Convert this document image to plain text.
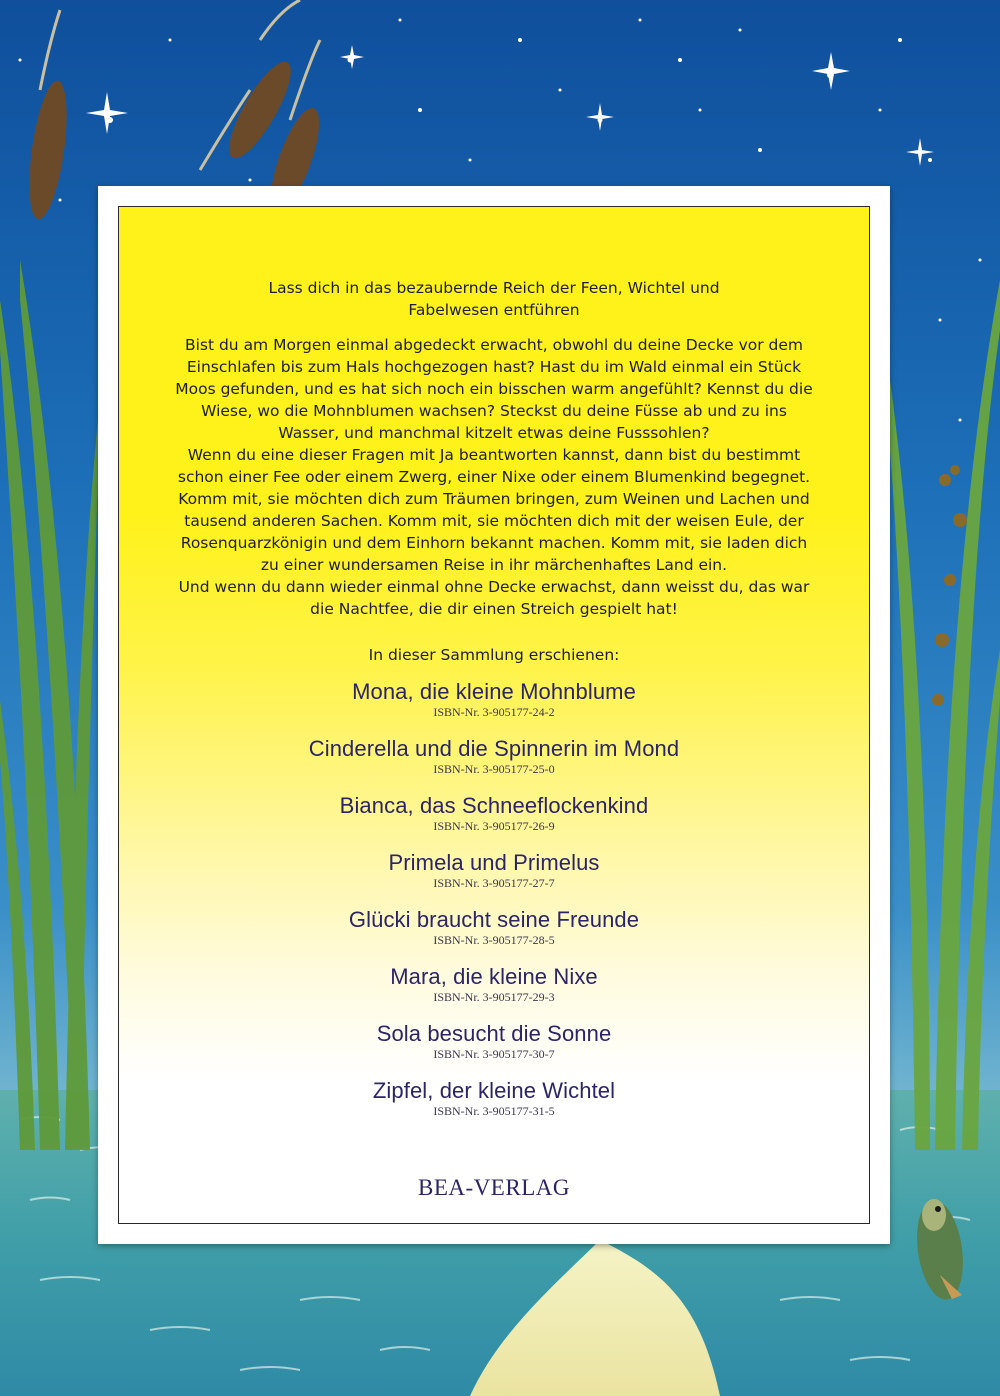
Lass dich in das bezaubernde Reich der Feen, Wichtel und
Fabelwesen entführen

Bist du am Morgen einmal abgedeckt erwacht, obwohl du deine Decke vor dem

Einschlafen bis zum Hals hochgezogen hast? Hast du im Wald einmal ein Stück

Moos gefunden, und es hat sich noch ein bisschen warm angefühlt? Kennst du die

Wiese, wo die Mohnblumen wachsen? Steckst du deine Füsse ab und zu ins

Wasser, und manchmal kitzelt etwas deine Fusssohlen?

Wenn du eine dieser Fragen mit Ja beantworten kannst, dann bist du bestimmt

schon einer Fee oder einem Zwerg, einer Nixe oder einem Blumenkind begegnet.

Komm mit, sie möchten dich zum Träumen bringen, zum Weinen und Lachen und

tausend anderen Sachen. Komm mit, sie möchten dich mit der weisen Eule, der

Rosenquarzkönigin und dem Einhorn bekannt machen. Komm mit, sie laden dich

zu einer wundersamen Reise in ihr märchenhaftes Land ein.

Und wenn du dann wieder einmal ohne Decke erwachst, dann weisst du, das war

die Nachtfee, die dir einen Streich gespielt hat!

In dieser Sammlung erschienen:
Mona, die kleine Mohnblume
ISBN-Nr. 3-905177-24-2
Cinderella und die Spinnerin im Mond
ISBN-Nr. 3-905177-25-0
Bianca, das Schneeflockenkind
ISBN-Nr. 3-905177-26-9
Primela und Primelus
ISBN-Nr. 3-905177-27-7
Glücki braucht seine Freunde
ISBN-Nr. 3-905177-28-5
Mara, die kleine Nixe
ISBN-Nr. 3-905177-29-3
Sola besucht die Sonne
ISBN-Nr. 3-905177-30-7
Zipfel, der kleine Wichtel
ISBN-Nr. 3-905177-31-5
BEA-VERLAG
